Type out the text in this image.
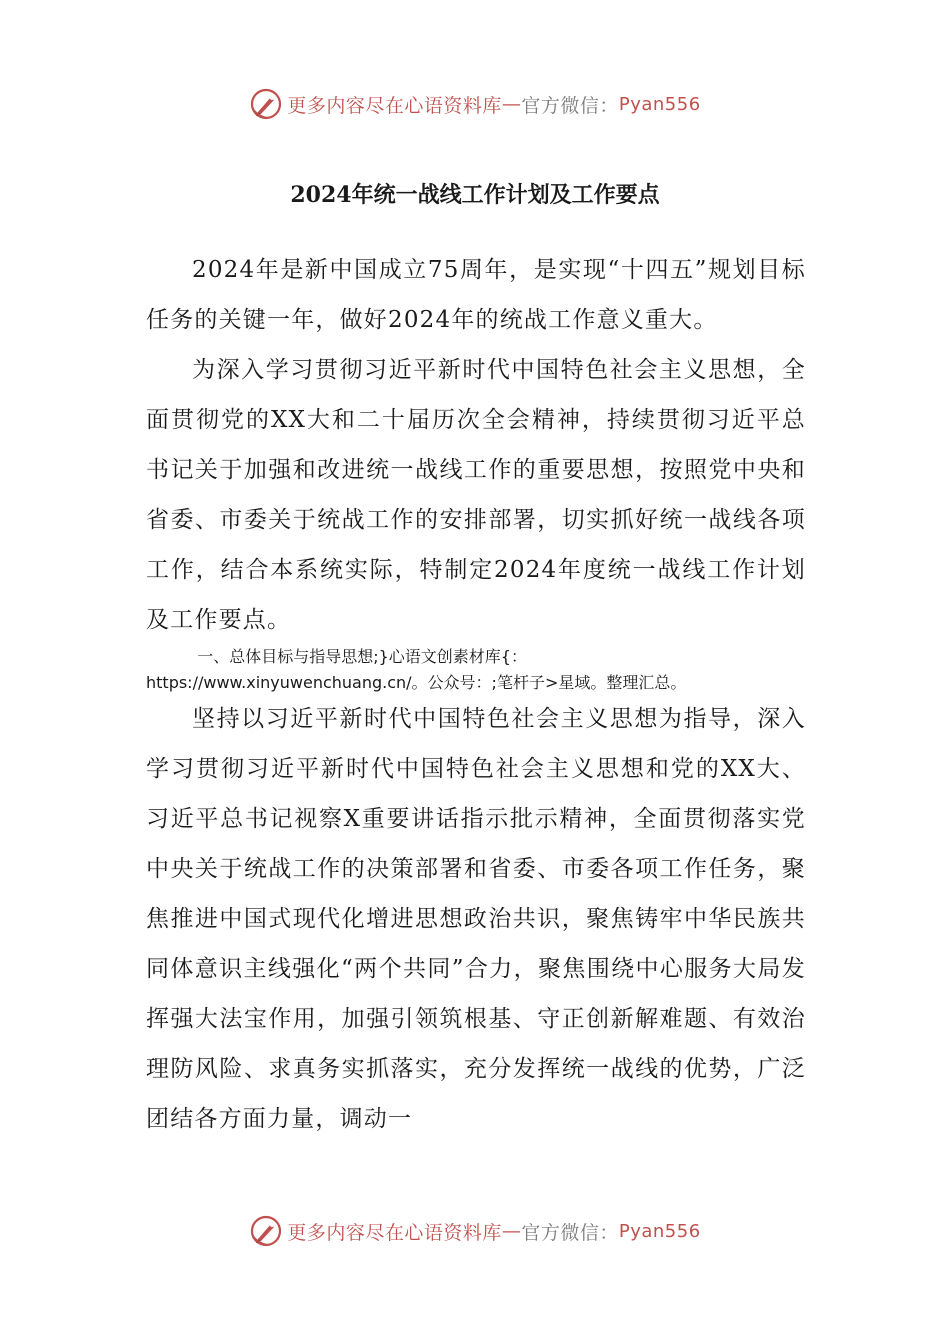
更多内容尽在心语资料库 — 官方微信： Pyan556
2024年统一战线工作计划及工作要点

2024年是新中国成立75周年，是实现“十四五”规划目标任务的关键一年，做好2024年的统战工作意义重大。

为深入学习贯彻习近平新时代中国特色社会主义思想，全面贯彻党的XX大和二十届历次全会精神，持续贯彻习近平总书记关于加强和改进统一战线工作的重要思想，按照党中央和省委、市委关于统战工作的安排部署，切实抓好统一战线各项工作，结合本系统实际，特制定2024年度统一战线工作计划及工作要点。

一、总体目标与指导思想;}心语文创素材库{：https://www.xinyuwenchuang.cn/。公众号：;笔杆子>星域。整理汇总。

坚持以习近平新时代中国特色社会主义思想为指导，深入学习贯彻习近平新时代中国特色社会主义思想和党的XX大、习近平总书记视察X重要讲话指示批示精神，全面贯彻落实党中央关于统战工作的决策部署和省委、市委各项工作任务，聚焦推进中国式现代化增进思想政治共识，聚焦铸牢中华民族共同体意识主线强化“两个共同”合力，聚焦围绕中心服务大局发挥强大法宝作用，加强引领筑根基、守正创新解难题、有效治理防风险、求真务实抓落实，充分发挥统一战线的优势，广泛团结各方面力量，调动一

更多内容尽在心语资料库 — 官方微信： Pyan556
